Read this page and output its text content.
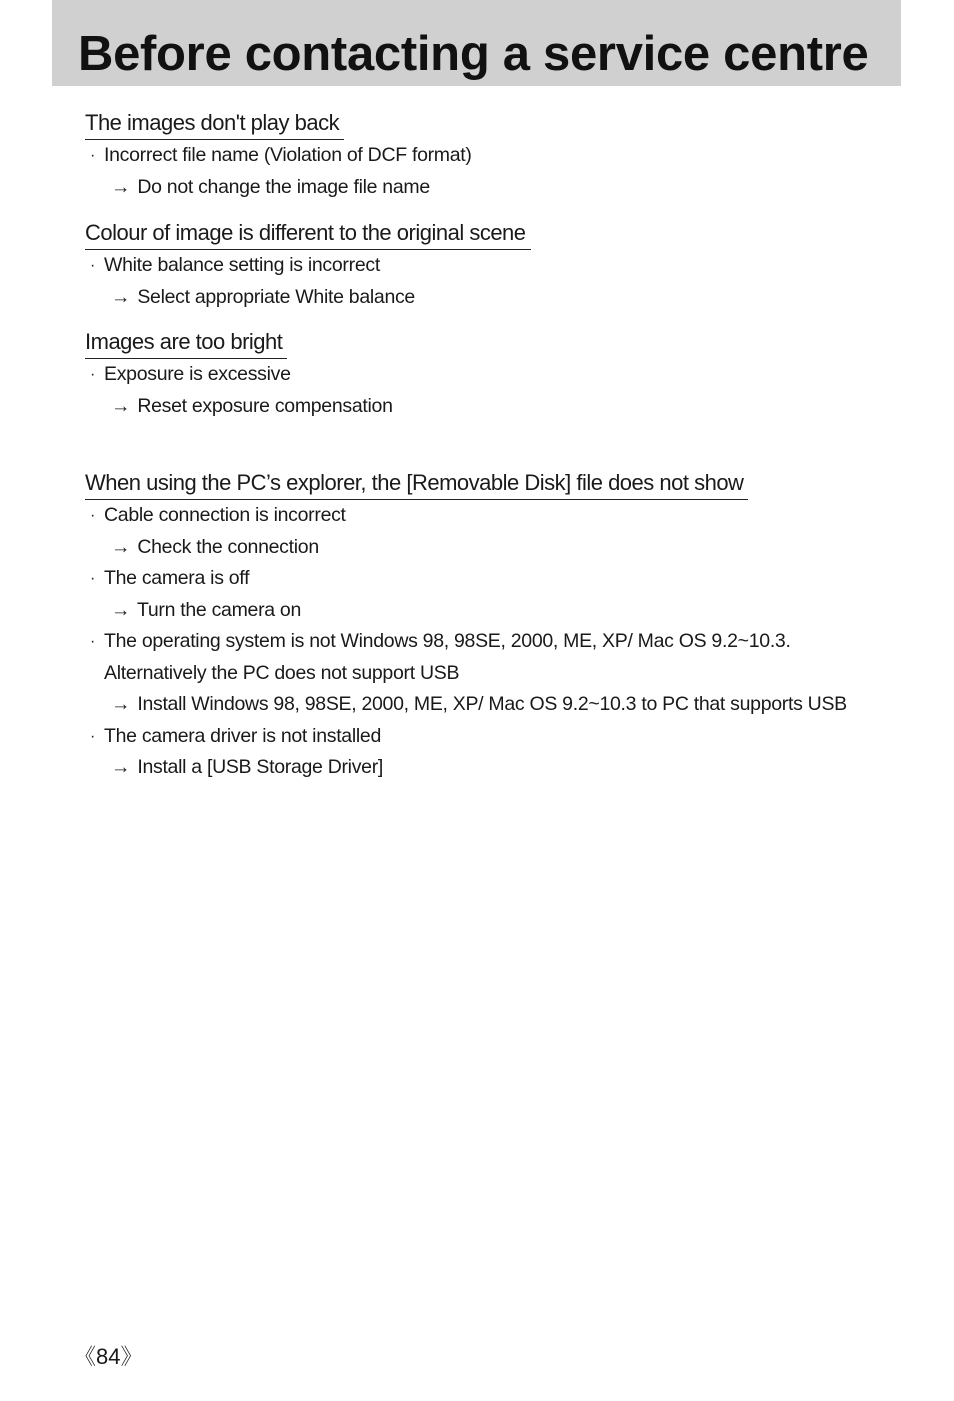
Before contacting a service centre
The images don't play back
· Incorrect file name (Violation of DCF format)
→ Do not change the image file name
Colour of image is different to the original scene
· White balance setting is incorrect
→ Select appropriate White balance
Images are too bright
· Exposure is excessive
→ Reset exposure compensation
When using the PC’s explorer, the [Removable Disk] file does not show
· Cable connection is incorrect
→ Check the connection
· The camera is off
→ Turn the camera on
· The operating system is not Windows 98, 98SE, 2000, ME, XP/ Mac OS 9.2~10.3.
Alternatively the PC does not support USB
→ Install Windows 98, 98SE, 2000, ME, XP/ Mac OS 9.2~10.3 to PC that supports USB
· The camera driver is not installed
→ Install a [USB Storage Driver]
《84》
